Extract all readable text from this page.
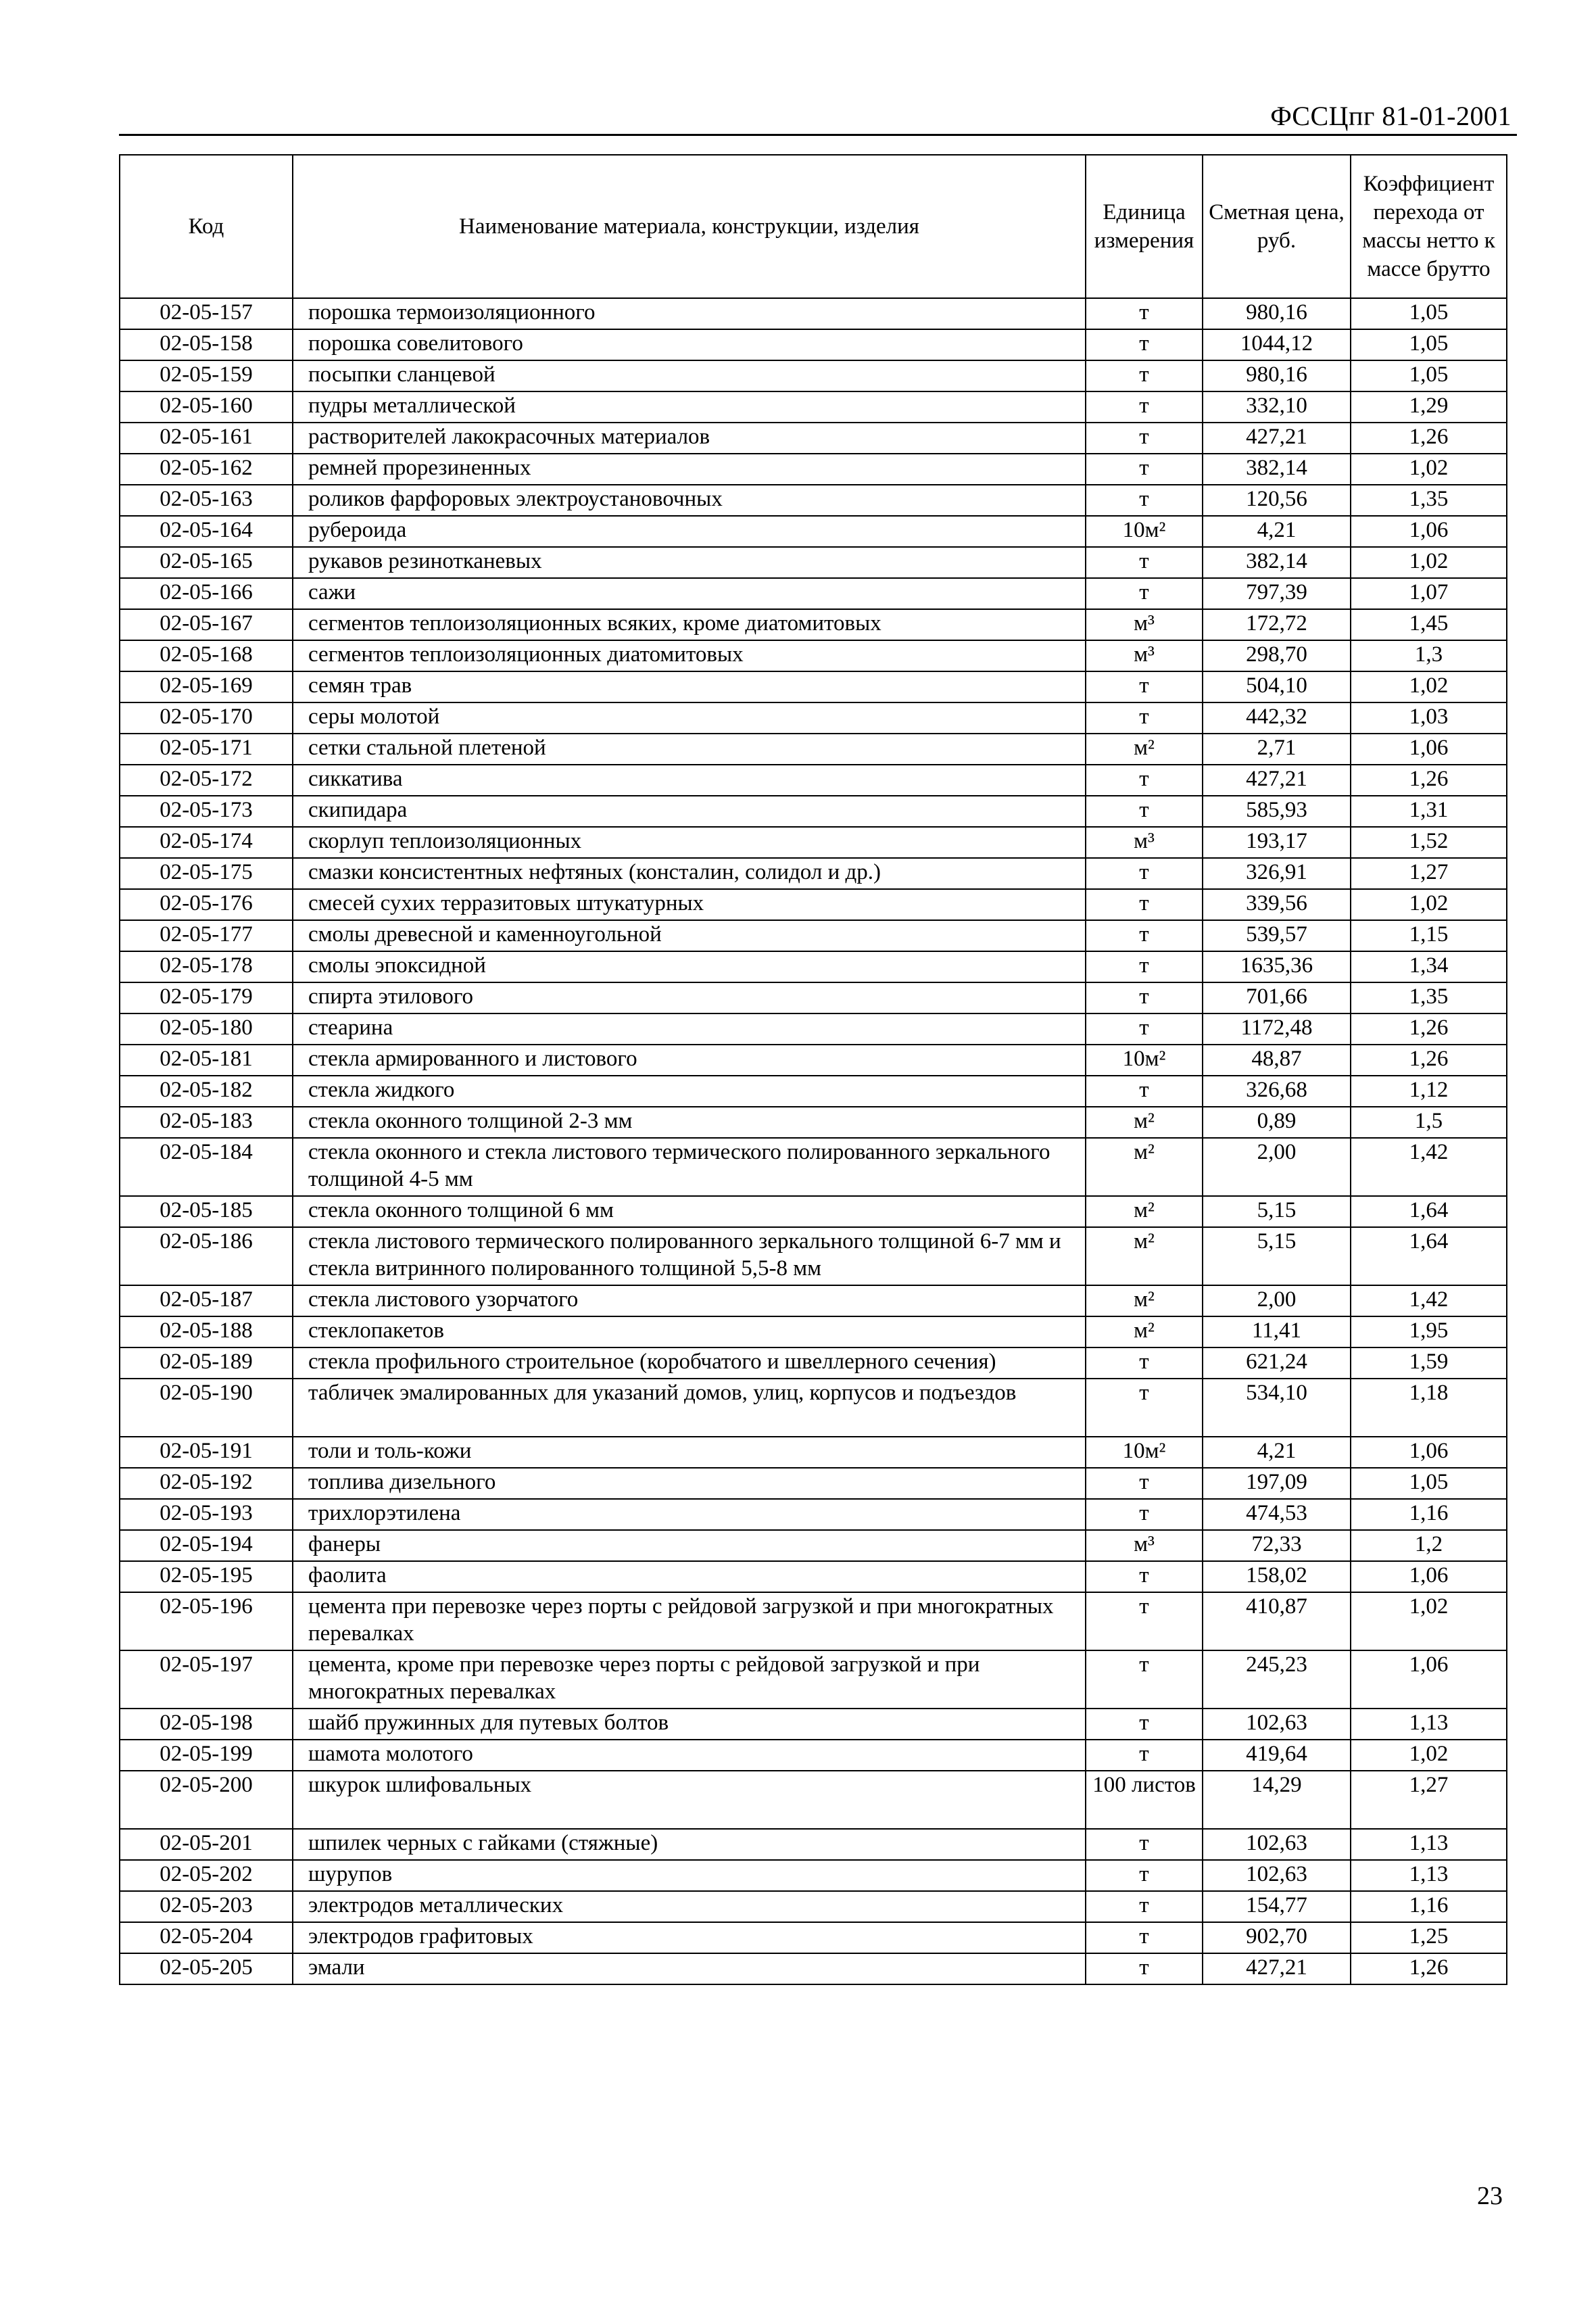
ФССЦпг 81-01-2001
Код	Наименование материала, конструкции, изделия	Единица измерения	Сметная цена, руб.	Коэффициент перехода от массы нетто к массе брутто
02-05-157	порошка термоизоляционного	т	980,16	1,05
02-05-158	порошка совелитового	т	1044,12	1,05
02-05-159	посыпки сланцевой	т	980,16	1,05
02-05-160	пудры металлической	т	332,10	1,29
02-05-161	растворителей лакокрасочных материалов	т	427,21	1,26
02-05-162	ремней прорезиненных	т	382,14	1,02
02-05-163	роликов фарфоровых электроустановочных	т	120,56	1,35
02-05-164	рубероида	10м²	4,21	1,06
02-05-165	рукавов резинотканевых	т	382,14	1,02
02-05-166	сажи	т	797,39	1,07
02-05-167	сегментов теплоизоляционных всяких, кроме диатомитовых	м³	172,72	1,45
02-05-168	сегментов теплоизоляционных диатомитовых	м³	298,70	1,3
02-05-169	семян трав	т	504,10	1,02
02-05-170	серы молотой	т	442,32	1,03
02-05-171	сетки стальной плетеной	м²	2,71	1,06
02-05-172	сиккатива	т	427,21	1,26
02-05-173	скипидара	т	585,93	1,31
02-05-174	скорлуп теплоизоляционных	м³	193,17	1,52
02-05-175	смазки консистентных нефтяных (консталин, солидол и др.)	т	326,91	1,27
02-05-176	смесей сухих терразитовых штукатурных	т	339,56	1,02
02-05-177	смолы древесной и каменноугольной	т	539,57	1,15
02-05-178	смолы эпоксидной	т	1635,36	1,34
02-05-179	спирта этилового	т	701,66	1,35
02-05-180	стеарина	т	1172,48	1,26
02-05-181	стекла армированного и листового	10м²	48,87	1,26
02-05-182	стекла жидкого	т	326,68	1,12
02-05-183	стекла оконного толщиной 2-3 мм	м²	0,89	1,5
02-05-184	стекла оконного и стекла листового термического полированного зеркального толщиной 4-5 мм	м²	2,00	1,42
02-05-185	стекла оконного толщиной 6 мм	м²	5,15	1,64
02-05-186	стекла листового термического полированного зеркального толщиной 6-7 мм и стекла витринного полированного толщиной 5,5-8 мм	м²	5,15	1,64
02-05-187	стекла листового узорчатого	м²	2,00	1,42
02-05-188	стеклопакетов	м²	11,41	1,95
02-05-189	стекла профильного строительное (коробчатого и швеллерного сечения)	т	621,24	1,59
02-05-190	табличек эмалированных для указаний домов, улиц, корпусов и подъездов	т	534,10	1,18
02-05-191	толи и толь-кожи	10м²	4,21	1,06
02-05-192	топлива дизельного	т	197,09	1,05
02-05-193	трихлорэтилена	т	474,53	1,16
02-05-194	фанеры	м³	72,33	1,2
02-05-195	фаолита	т	158,02	1,06
02-05-196	цемента при перевозке через порты с рейдовой загрузкой и при многократных перевалках	т	410,87	1,02
02-05-197	цемента, кроме при перевозке через порты с рейдовой загрузкой и при многократных перевалках	т	245,23	1,06
02-05-198	шайб пружинных для путевых болтов	т	102,63	1,13
02-05-199	шамота молотого	т	419,64	1,02
02-05-200	шкурок шлифовальных	100 листов	14,29	1,27
02-05-201	шпилек черных с гайками (стяжные)	т	102,63	1,13
02-05-202	шурупов	т	102,63	1,13
02-05-203	электродов металлических	т	154,77	1,16
02-05-204	электродов графитовых	т	902,70	1,25
02-05-205	эмали	т	427,21	1,26
23
